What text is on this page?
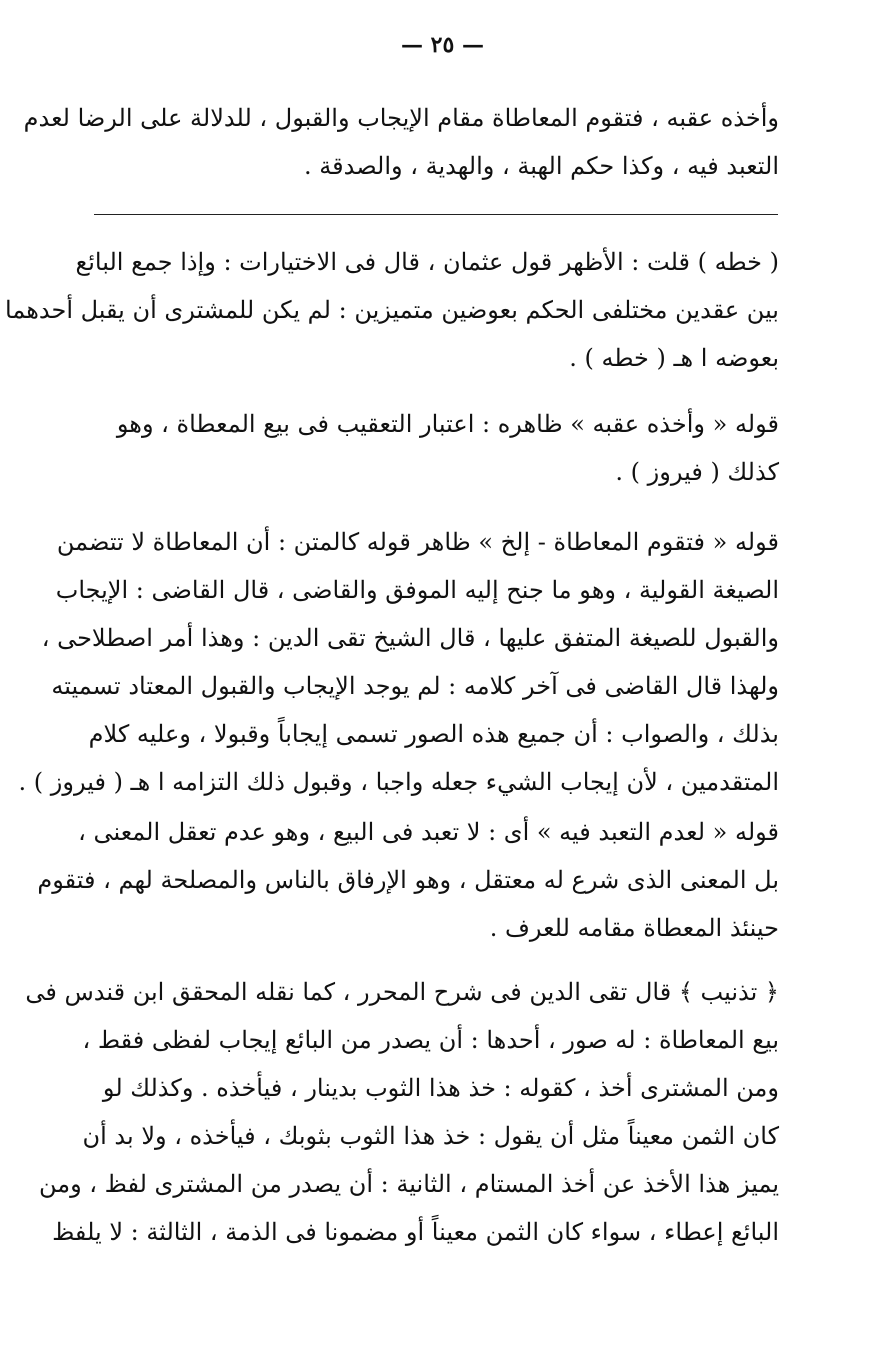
— ٢٥ —
وأخذه عقبه ، فتقوم المعاطاة مقام الإيجاب والقبول ، للدلالة على الرضا لعدم
التعبد فيه ، وكذا حكم الهبة ، والهدية ، والصدقة .
( خطه ) قلت : الأظهر قول عثمان ، قال فى الاختيارات : وإذا جمع البائع
بين عقدين مختلفى الحكم بعوضين متميزين : لم يكن للمشترى أن يقبل أحدهما
بعوضه ا هـ ( خطه ) .
قوله « وأخذه عقبه » ظاهره : اعتبار التعقيب فى بيع المعطاة ، وهو
كذلك ( فيروز ) .
قوله « فتقوم المعاطاة - إلخ » ظاهر قوله كالمتن : أن المعاطاة لا تتضمن
الصيغة القولية ، وهو ما جنح إليه الموفق والقاضى ، قال القاضى : الإيجاب
والقبول للصيغة المتفق عليها ، قال الشيخ تقى الدين : وهذا أمر اصطلاحى ،
ولهذا قال القاضى فى آخر كلامه : لم يوجد الإيجاب والقبول المعتاد تسميته
بذلك ، والصواب : أن جميع هذه الصور تسمى إيجاباً وقبولا ، وعليه كلام
المتقدمين ، لأن إيجاب الشيء جعله واجبا ، وقبول ذلك التزامه ا هـ ( فيروز ) .
قوله « لعدم التعبد فيه » أى : لا تعبد فى البيع ، وهو عدم تعقل المعنى ،
بل المعنى الذى شرع له معتقل ، وهو الإرفاق بالناس والمصلحة لهم ، فتقوم
حينئذ المعطاة مقامه للعرف .
﴿ تذنيب ﴾ قال تقى الدين فى شرح المحرر ، كما نقله المحقق ابن قندس فى
بيع المعاطاة : له صور ، أحدها : أن يصدر من البائع إيجاب لفظى فقط ،
ومن المشترى أخذ ، كقوله : خذ هذا الثوب بدينار ، فيأخذه . وكذلك لو
كان الثمن معيناً مثل أن يقول : خذ هذا الثوب بثوبك ، فيأخذه ، ولا بد أن
يميز هذا الأخذ عن أخذ المستام ، الثانية : أن يصدر من المشترى لفظ ، ومن
البائع إعطاء ، سواء كان الثمن معيناً أو مضمونا فى الذمة ، الثالثة : لا يلفظ
